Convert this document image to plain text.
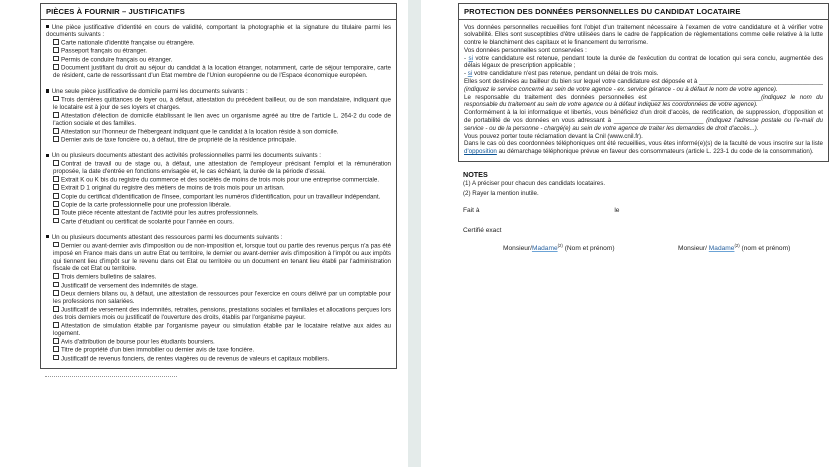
PIÈCES À FOURNIR – JUSTIFICATIFS
Une pièce justificative d'identité en cours de validité, comportant la photographie et la signature du titulaire parmi les documents suivants :
Carte nationale d'identité française ou étrangère.
Passeport français ou étranger.
Permis de conduire français ou étranger.
Document justifiant du droit au séjour du candidat à la location étranger, notamment, carte de séjour temporaire, carte de résident, carte de ressortissant d'un Etat membre de l'Union européenne ou de l'Espace économique européen.
Une seule pièce justificative de domicile parmi les documents suivants :
Trois dernières quittances de loyer ou, à défaut, attestation du précédent bailleur, ou de son mandataire, indiquant que le locataire est à jour de ses loyers et charges.
Attestation d'élection de domicile établissant le lien avec un organisme agréé au titre de l'article L. 264-2 du code de l'action sociale et des familles.
Attestation sur l'honneur de l'hébergeant indiquant que le candidat à la location réside à son domicile.
Dernier avis de taxe foncière ou, à défaut, titre de propriété de la résidence principale.
Un ou plusieurs documents attestant des activités professionnelles parmi les documents suivants :
Contrat de travail ou de stage ou, à défaut, une attestation de l'employeur précisant l'emploi et la rémunération proposée, la date d'entrée en fonctions envisagée et, le cas échéant, la durée de la période d'essai.
Extrait K ou K bis du registre du commerce et des sociétés de moins de trois mois pour une entreprise commerciale.
Extrait D 1 original du registre des métiers de moins de trois mois pour un artisan.
Copie du certificat d'identification de l'Insee, comportant les numéros d'identification, pour un travailleur indépendant.
Copie de la carte professionnelle pour une profession libérale.
Toute pièce récente attestant de l'activité pour les autres professionnels.
Carte d'étudiant ou certificat de scolarité pour l'année en cours.
Un ou plusieurs documents attestant des ressources parmi les documents suivants :
Dernier ou avant-dernier avis d'imposition ou de non-imposition et, lorsque tout ou partie des revenus perçus n'a pas été imposé en France mais dans un autre Etat ou territoire, le dernier ou avant-dernier avis d'imposition à l'impôt ou aux impôts qui tiennent lieu d'impôt sur le revenu dans cet Etat ou territoire ou un document en tenant lieu établi par l'administration fiscale de cet Etat ou territoire.
Trois derniers bulletins de salaires.
Justificatif de versement des indemnités de stage.
Deux derniers bilans ou, à défaut, une attestation de ressources pour l'exercice en cours délivré par un comptable pour les professions non salariées.
Justificatif de versement des indemnités, retraites, pensions, prestations sociales et familiales et allocations perçues lors des trois derniers mois ou justificatif de l'ouverture des droits, établis par l'organisme payeur.
Attestation de simulation établie par l'organisme payeur ou simulation établie par le locataire relative aux aides au logement.
Avis d'attribution de bourse pour les étudiants boursiers.
Titre de propriété d'un bien immobilier ou dernier avis de taxe foncière.
Justificatif de revenus fonciers, de rentes viagères ou de revenus de valeurs et capitaux mobiliers.
PROTECTION DES DONNÉES PERSONNELLES DU CANDIDAT LOCATAIRE
Vos données personnelles recueillies font l'objet d'un traitement nécessaire à l'examen de votre candidature et à vérifier votre solvabilité. Elles sont susceptibles d'être utilisées dans le cadre de l'application de règlementations comme celle relative à la lutte contre le blanchiment des capitaux et le financement du terrorisme.
Vos données personnelles sont conservées :
- si votre candidature est retenue, pendant toute la durée de l'exécution du contrat de location qui sera conclu, augmentée des délais légaux de prescription applicable ;
- si votre candidature n'est pas retenue, pendant un délai de trois mois.
Elles sont destinées au bailleur du bien sur lequel votre candidature est déposée et à ____________________________________ (indiquez le service concerné au sein de votre agence - ex. service gérance - ou à défaut le nom de votre agence).
Le responsable du traitement des données personnelles est ________________________________(indiquez le nom du responsable du traitement au sein de votre agence ou à défaut indiquez les coordonnées de votre agence).
Conformément à la loi informatique et libertés, vous bénéficiez d'un droit d'accès, de rectification, de suppression, d'opposition et de portabilité de vos données en vous adressant à __________________________ (indiquez l'adresse postale ou l'e-mail du service - ou de la personne - chargé(e) au sein de votre agence de traiter les demandes de droit d'accès...).
Vous pouvez porter toute réclamation devant la Cnil (www.cnil.fr).
Dans le cas où des coordonnées téléphoniques ont été recueillies, vous êtes informé(e)(s) de la faculté de vous inscrire sur la liste d'opposition au démarchage téléphonique prévue en faveur des consommateurs (article L. 223-1 du code de la consommation).
NOTES
(1) A préciser pour chacun des candidats locataires.
(2) Rayer la mention inutile.
Fait à	le
Certifié exact
Monsieur/Madame$^{(2)}$ (Nom et prénom)	Monsieur/ Madame$^{(2)}$ (nom et prénom)
